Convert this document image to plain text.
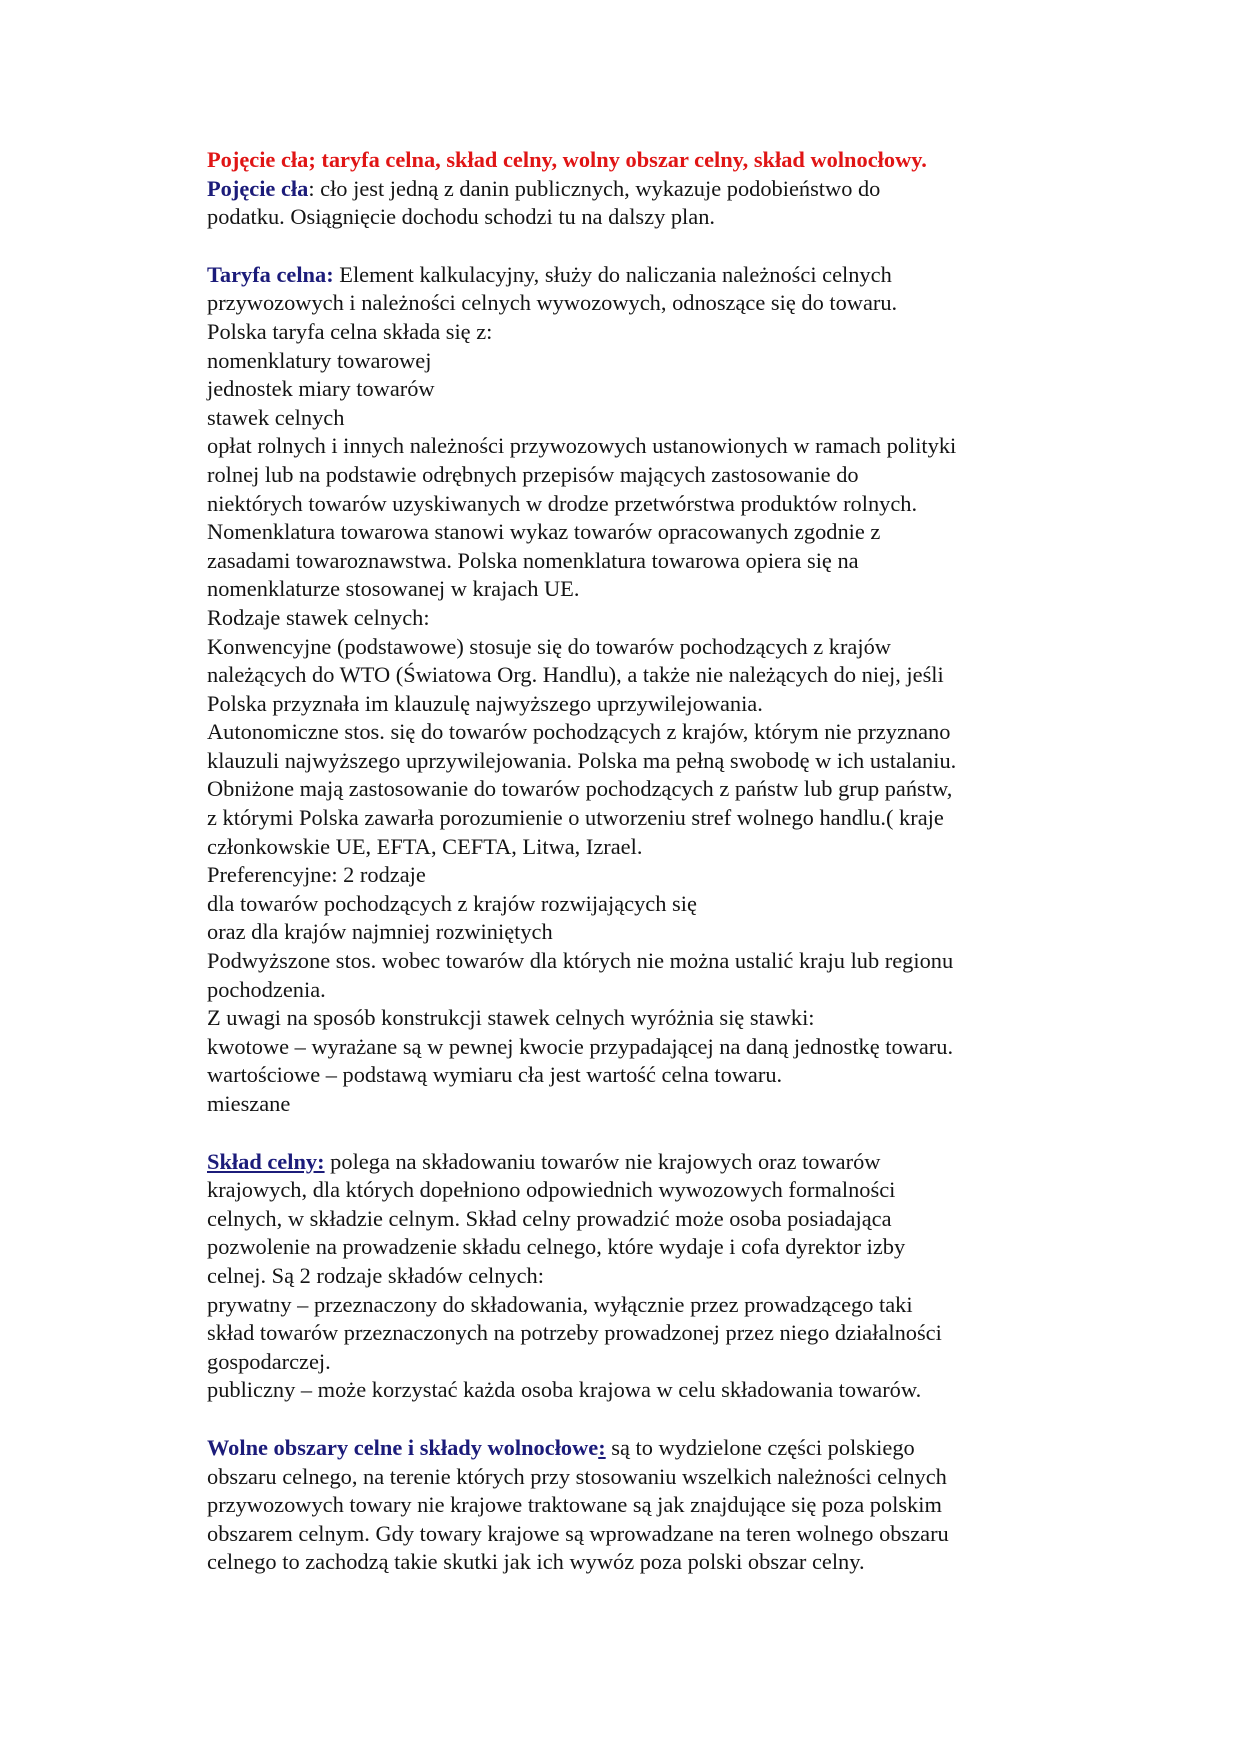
Pojęcie cła; taryfa celna, skład celny, wolny obszar celny, skład wolnocłowy.
Pojęcie cła: cło jest jedną z danin publicznych, wykazuje podobieństwo do
podatku. Osiągnięcie dochodu schodzi tu na dalszy plan.
Taryfa celna: Element kalkulacyjny, służy do naliczania należności celnych
przywozowych i należności celnych wywozowych, odnoszące się do towaru.
Polska taryfa celna składa się z:
nomenklatury towarowej
jednostek miary towarów
stawek celnych
opłat rolnych i innych należności przywozowych ustanowionych w ramach polityki
rolnej lub na podstawie odrębnych przepisów mających zastosowanie do
niektórych towarów uzyskiwanych w drodze przetwórstwa produktów rolnych.
Nomenklatura towarowa stanowi wykaz towarów opracowanych zgodnie z
zasadami towaroznawstwa. Polska nomenklatura towarowa opiera się na
nomenklaturze stosowanej w krajach UE.
Rodzaje stawek celnych:
Konwencyjne (podstawowe) stosuje się do towarów pochodzących z krajów
należących do WTO (Światowa Org. Handlu), a także nie należących do niej, jeśli
Polska przyznała im klauzulę najwyższego uprzywilejowania.
Autonomiczne stos. się do towarów pochodzących z krajów, którym nie przyznano
klauzuli najwyższego uprzywilejowania. Polska ma pełną swobodę w ich ustalaniu.
Obniżone mają zastosowanie do towarów pochodzących z państw lub grup państw,
z którymi Polska zawarła porozumienie o utworzeniu stref wolnego handlu.( kraje
członkowskie UE, EFTA, CEFTA, Litwa, Izrael.
Preferencyjne: 2 rodzaje
dla towarów pochodzących z krajów rozwijających się
oraz dla krajów najmniej rozwiniętych
Podwyższone stos. wobec towarów dla których nie można ustalić kraju lub regionu
pochodzenia.
Z uwagi na sposób konstrukcji stawek celnych wyróżnia się stawki:
kwotowe – wyrażane są w pewnej kwocie przypadającej na daną jednostkę towaru.
wartościowe – podstawą wymiaru cła jest wartość celna towaru.
mieszane
Skład celny: polega na składowaniu towarów nie krajowych oraz towarów
krajowych, dla których dopełniono odpowiednich wywozowych formalności
celnych, w składzie celnym. Skład celny prowadzić może osoba posiadająca
pozwolenie na prowadzenie składu celnego, które wydaje i cofa dyrektor izby
celnej. Są 2 rodzaje składów celnych:
prywatny – przeznaczony do składowania, wyłącznie przez prowadzącego taki
skład towarów przeznaczonych na potrzeby prowadzonej przez niego działalności
gospodarczej.
publiczny – może korzystać każda osoba krajowa w celu składowania towarów.
Wolne obszary celne i składy wolnocłowe: są to wydzielone części polskiego
obszaru celnego, na terenie których przy stosowaniu wszelkich należności celnych
przywozowych towary nie krajowe traktowane są jak znajdujące się poza polskim
obszarem celnym. Gdy towary krajowe są wprowadzane na teren wolnego obszaru
celnego to zachodzą takie skutki jak ich wywóz poza polski obszar celny.
